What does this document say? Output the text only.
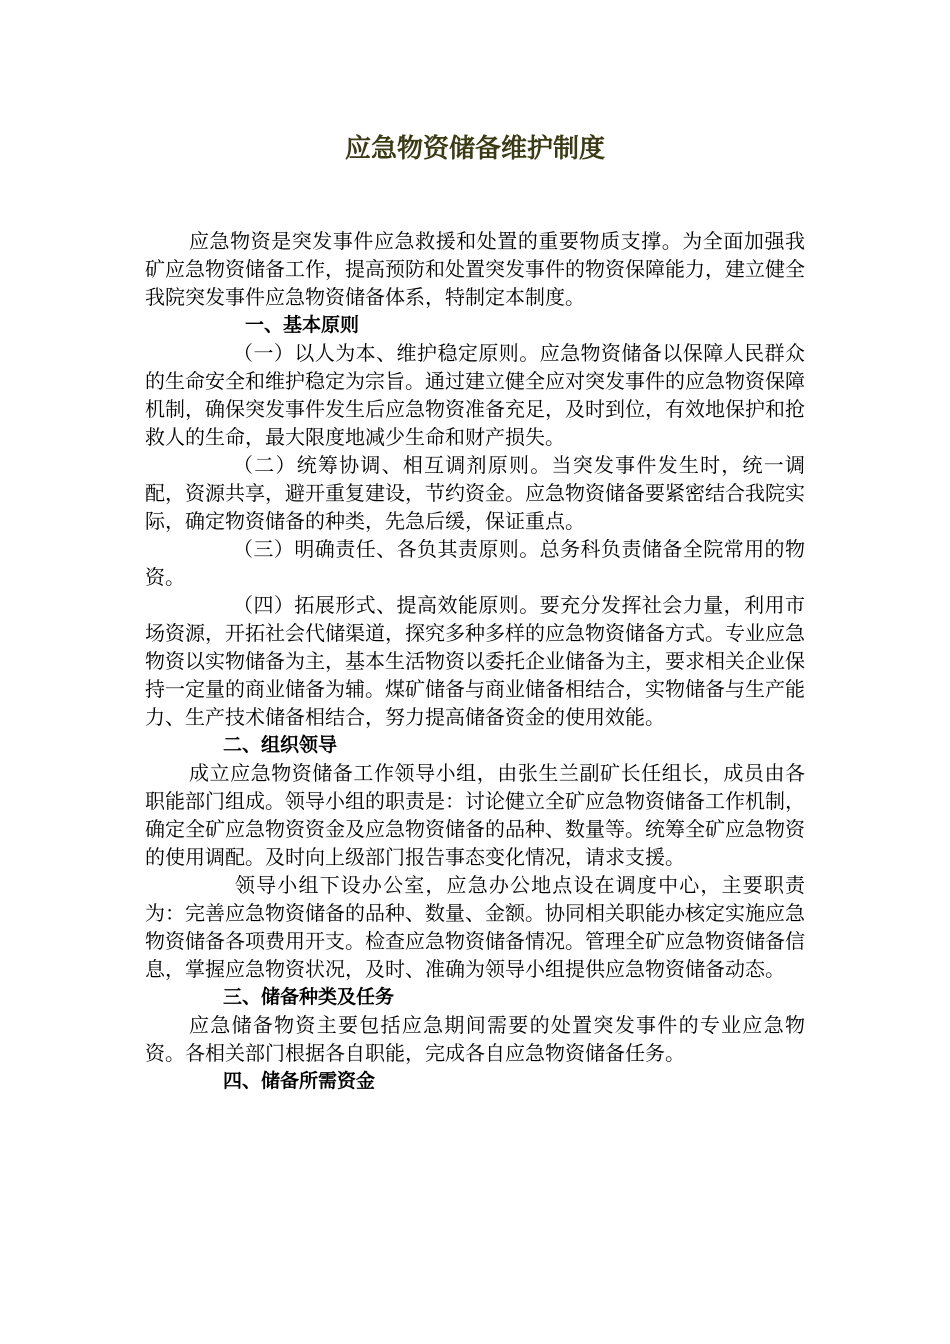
应急物资储备维护制度

应急物资是突发事件应急救援和处置的重要物质支撑。为全面加强我矿应急物资储备工作，提高预防和处置突发事件的物资保障能力，建立健全我院突发事件应急物资储备体系，特制定本制度。

一、基本原则

（一）以人为本、维护稳定原则。应急物资储备以保障人民群众的生命安全和维护稳定为宗旨。通过建立健全应对突发事件的应急物资保障机制，确保突发事件发生后应急物资准备充足，及时到位，有效地保护和抢救人的生命，最大限度地减少生命和财产损失。

（二）统筹协调、相互调剂原则。当突发事件发生时，统一调配，资源共享，避开重复建设，节约资金。应急物资储备要紧密结合我院实际，确定物资储备的种类，先急后缓，保证重点。

（三）明确责任、各负其责原则。总务科负责储备全院常用的物资。

（四）拓展形式、提高效能原则。要充分发挥社会力量，利用市场资源，开拓社会代储渠道，探究多种多样的应急物资储备方式。专业应急物资以实物储备为主，基本生活物资以委托企业储备为主，要求相关企业保持一定量的商业储备为辅。煤矿储备与商业储备相结合，实物储备与生产能力、生产技术储备相结合，努力提高储备资金的使用效能。

二、组织领导

成立应急物资储备工作领导小组，由张生兰副矿长任组长，成员由各职能部门组成。领导小组的职责是：讨论健立全矿应急物资储备工作机制，确定全矿应急物资资金及应急物资储备的品种、数量等。统筹全矿应急物资的使用调配。及时向上级部门报告事态变化情况，请求支援。

领导小组下设办公室，应急办公地点设在调度中心，主要职责为：完善应急物资储备的品种、数量、金额。协同相关职能办核定实施应急物资储备各项费用开支。检查应急物资储备情况。管理全矿应急物资储备信息，掌握应急物资状况，及时、准确为领导小组提供应急物资储备动态。

三、储备种类及任务

应急储备物资主要包括应急期间需要的处置突发事件的专业应急物资。各相关部门根据各自职能，完成各自应急物资储备任务。

四、储备所需资金
